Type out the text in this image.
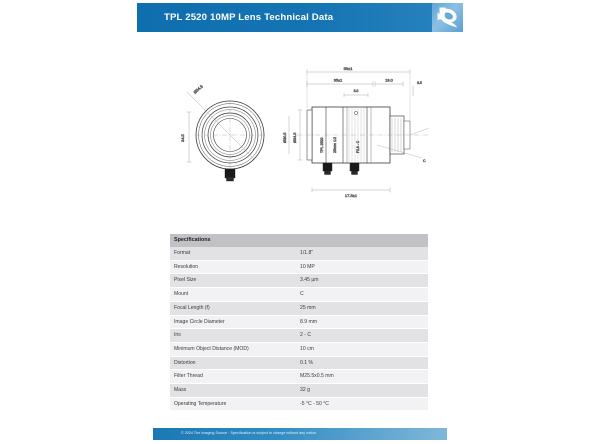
TPL 2520 10MP Lens Technical Data
Ø34.5
34.5
53±1
35±1	19.0
3.5
3.0
Ø34.5
Ø30.5	TPL 2520	25mm 1:2	F2.8 - C
C
17.5±1
Specifications	
Format	1/1.8"
Resolution	10 MP
Pixel Size	3.45 µm
Mount	C
Focal Length (f)	25 mm
Image Circle Diameter	8.9 mm
Iris	2 - C
Minimum Object Distance (MOD)	10 cm
Distortion	0.1 %
Filter Thread	M25.5x0.5 mm
Mass	32 g
Operating Temperature	-5 °C - 50 °C
© 2024 The Imaging Source · Specification is subject to change without any notice
